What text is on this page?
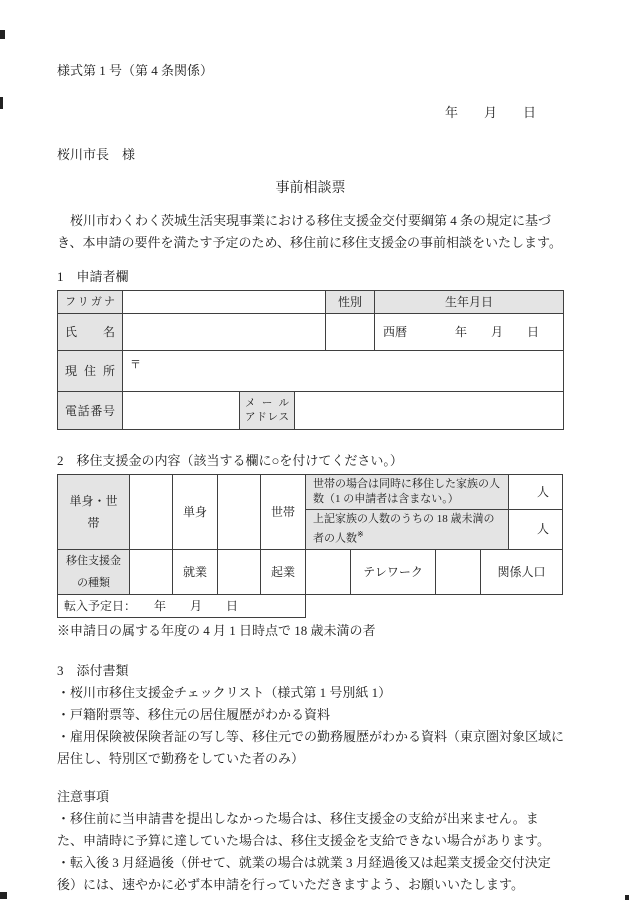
様式第 1 号（第 4 条関係）

年　　月　　日

桜川市長　様

事前相談票

　桜川市わくわく茨城生活実現事業における移住支援金交付要綱第 4 条の規定に基づき、本申請の要件を満たす予定のため、移住前に移住支援金の事前相談をいたします。

1　申請者欄

フリガナ				性別	生年月日
氏名					西暦　　　　年　　月　　日
現住所	〒				
電話番号		メール
アドレス			

2　移住支援金の内容（該当する欄に○を付けてください。）

単身・世帯		単身		世帯	世帯の場合は同時に移住した家族の人数（1 の申請者は含まない。）				人
					上記家族の人数のうちの 18 歳未満の者の人数※				人
移住支援金の種類		就業		起業		テレワーク		関係人口	
転入予定日：　　年　　月　　日									

※申請日の属する年度の 4 月 1 日時点で 18 歳未満の者

3　添付書類

・桜川市移住支援金チェックリスト（様式第 1 号別紙 1）

・戸籍附票等、移住元の居住履歴がわかる資料

・雇用保険被保険者証の写し等、移住元での勤務履歴がわかる資料（東京圏対象区域に居住し、特別区で勤務をしていた者のみ）

注意事項

・移住前に当申請書を提出しなかった場合は、移住支援金の支給が出来ません。また、申請時に予算に達していた場合は、移住支援金を支給できない場合があります。

・転入後 3 月経過後（併せて、就業の場合は就業 3 月経過後又は起業支援金交付決定後）には、速やかに必ず本申請を行っていただきますよう、お願いいたします。
